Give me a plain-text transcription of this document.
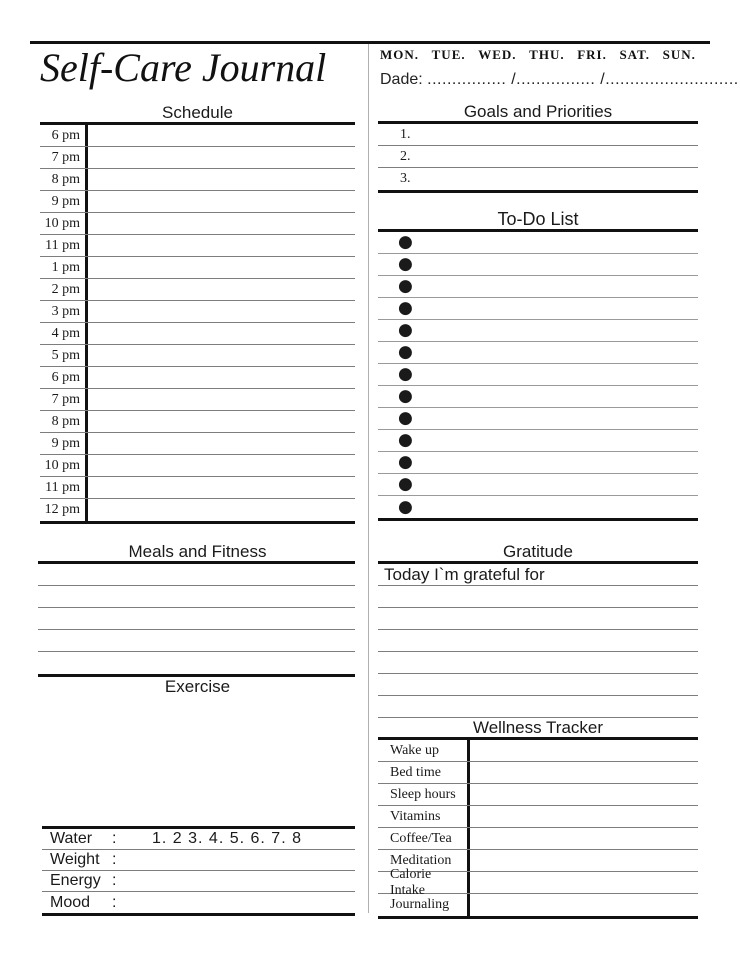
Self-Care Journal
Schedule
6 pm
7 pm
8 pm
9 pm
10 pm
11 pm
1 pm
2 pm
3 pm
4 pm
5 pm
6 pm
7 pm
8 pm
9 pm
10 pm
11 pm
12 pm
Meals and Fitness
Exercise
Water	:	1. 2 3. 4. 5. 6. 7. 8
Weight :
Energy :
Mood	:
MON. TUE. WED. THU. FRI. SAT. SUN.
Dade: ................ /................ /...........................
Goals and Priorities
1.
2.
3.
To-Do List
●
●
●
●
●
●
●
●
●
●
●
●
●
Gratitude
Today I`m grateful for
Wellness Tracker
Wake up
Bed time
Sleep hours
Vitamins
Coffee/Tea
Meditation
Calorie Intake
Journaling
